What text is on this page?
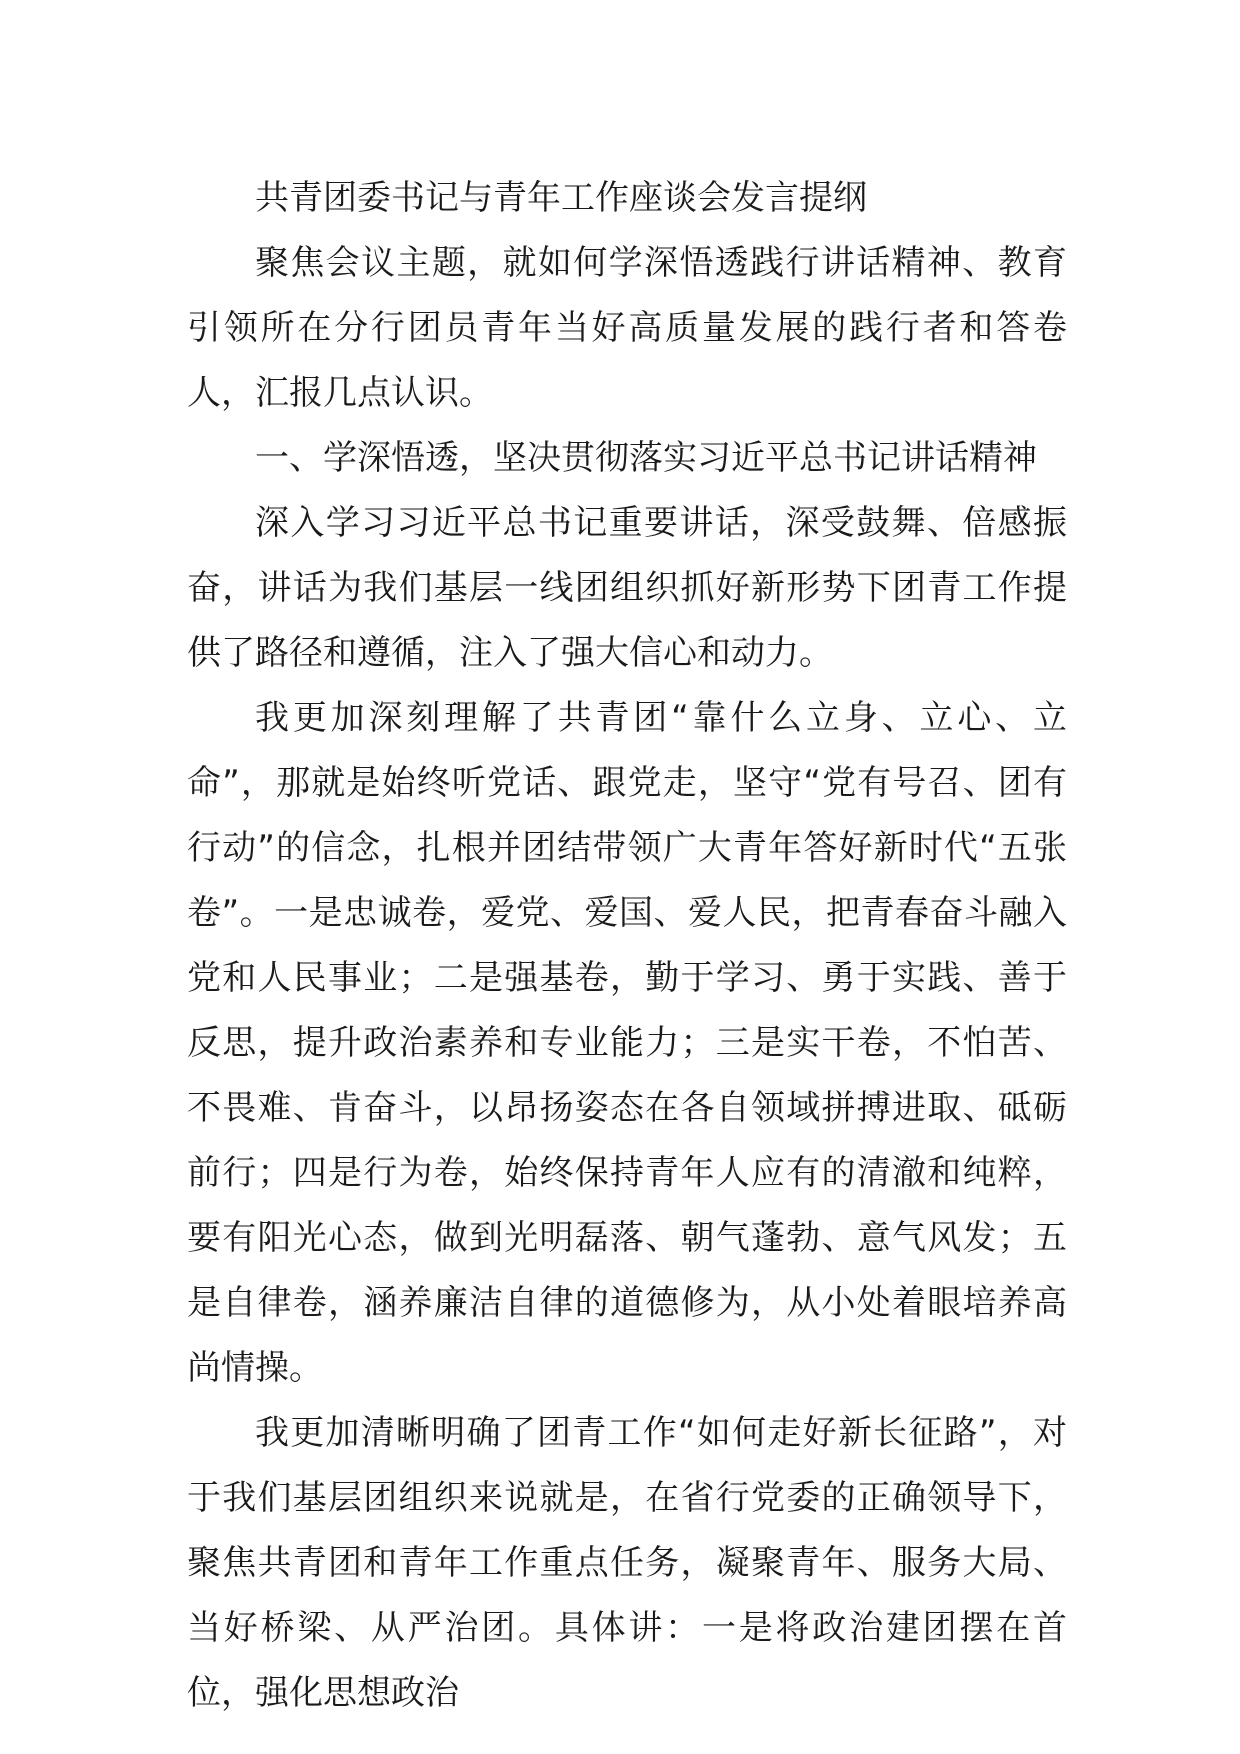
共青团委书记与青年工作座谈会发言提纲

聚焦会议主题，就如何学深悟透践行讲话精神、教育引领所在分行团员青年当好高质量发展的践行者和答卷人，汇报几点认识。

一、学深悟透，坚决贯彻落实习近平总书记讲话精神

深入学习习近平总书记重要讲话，深受鼓舞、倍感振奋，讲话为我们基层一线团组织抓好新形势下团青工作提供了路径和遵循，注入了强大信心和动力。

我更加深刻理解了共青团“靠什么立身、立心、立命”，那就是始终听党话、跟党走，坚守“党有号召、团有行动”的信念，扎根并团结带领广大青年答好新时代“五张卷”。一是忠诚卷，爱党、爱国、爱人民，把青春奋斗融入党和人民事业；二是强基卷，勤于学习、勇于实践、善于反思，提升政治素养和专业能力；三是实干卷，不怕苦、不畏难、肯奋斗，以昂扬姿态在各自领域拼搏进取、砥砺前行；四是行为卷，始终保持青年人应有的清澈和纯粹，要有阳光心态，做到光明磊落、朝气蓬勃、意气风发；五是自律卷，涵养廉洁自律的道德修为，从小处着眼培养高尚情操。

我更加清晰明确了团青工作“如何走好新长征路”，对于我们基层团组织来说就是，在省行党委的正确领导下，聚焦共青团和青年工作重点任务，凝聚青年、服务大局、当好桥梁、从严治团。具体讲：一是将政治建团摆在首位，强化思想政治
